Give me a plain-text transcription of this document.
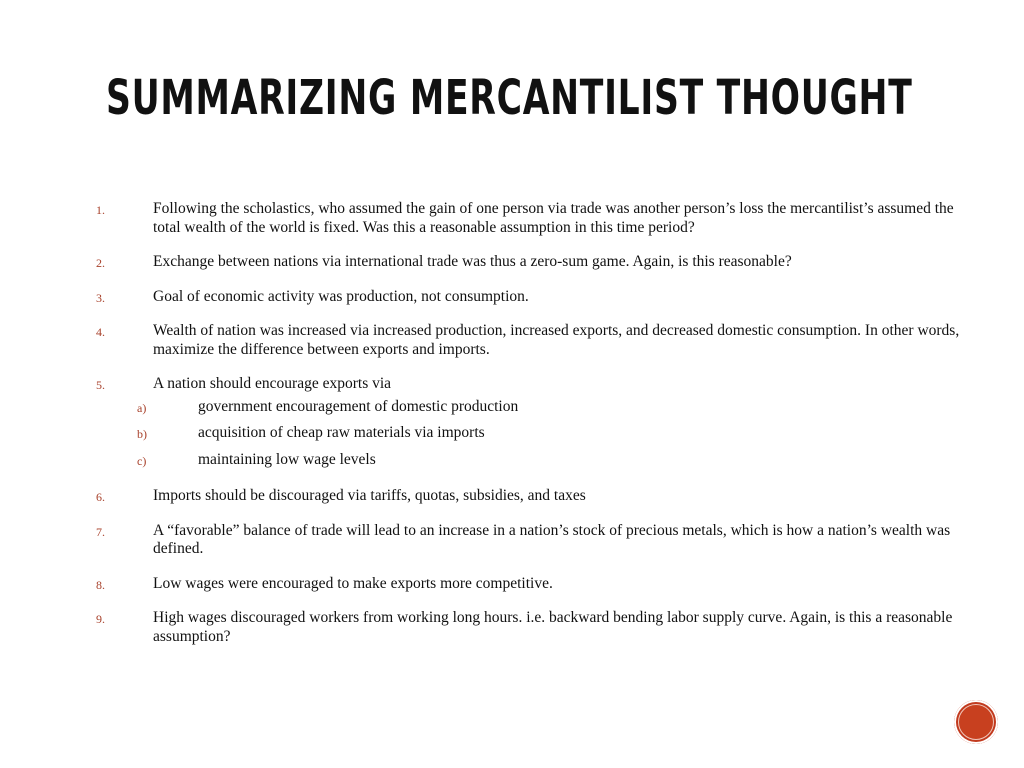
SUMMARIZING MERCANTILIST THOUGHT
1.	Following the scholastics, who assumed the gain of one person via trade was another person’s loss the mercantilist’s assumed the total wealth of the world is fixed. Was this a reasonable assumption in this time period?
2.	Exchange between nations via international trade was thus a zero-sum game. Again, is this reasonable?
3.	Goal of economic activity was production, not consumption.
4.	Wealth of nation was increased via increased production, increased exports, and decreased domestic consumption. In other words, maximize the difference between exports and imports.
5.	A nation should encourage exports via
a)	government encouragement of domestic production
b)	acquisition of cheap raw materials via imports
c)	maintaining low wage levels
6.	Imports should be discouraged via tariffs, quotas, subsidies, and taxes
7.	A “favorable” balance of trade will lead to an increase in a nation’s stock of precious metals, which is how a nation’s wealth was defined.
8.	Low wages were encouraged to make exports more competitive.
9.	High wages discouraged workers from working long hours. i.e. backward bending labor supply curve. Again, is this a reasonable assumption?
